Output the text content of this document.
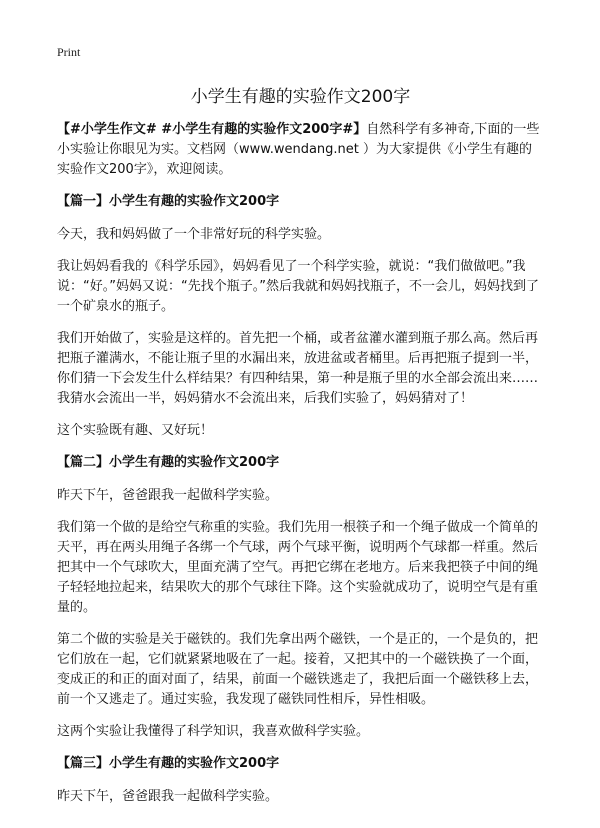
Print
小学生有趣的实验作文200字

【#小学生作文# #小学生有趣的实验作文200字#】自然科学有多神奇,下面的一些小实验让你眼见为实。文档网（www.wendang.net ）为大家提供《小学生有趣的实验作文200字》，欢迎阅读。

【篇一】小学生有趣的实验作文200字

今天，我和妈妈做了一个非常好玩的科学实验。

我让妈妈看我的《科学乐园》，妈妈看见了一个科学实验，就说：“我们做做吧。”我说：“好。”妈妈又说：“先找个瓶子。”然后我就和妈妈找瓶子，不一会儿，妈妈找到了一个矿泉水的瓶子。

我们开始做了，实验是这样的。首先把一个桶，或者盆灌水灌到瓶子那么高。然后再把瓶子灌满水，不能让瓶子里的水漏出来，放进盆或者桶里。后再把瓶子提到一半，你们猜一下会发生什么样结果？有四种结果，第一种是瓶子里的水全部会流出来……我猜水会流出一半，妈妈猜水不会流出来，后我们实验了，妈妈猜对了！

这个实验既有趣、又好玩！

【篇二】小学生有趣的实验作文200字

昨天下午，爸爸跟我一起做科学实验。

我们第一个做的是给空气称重的实验。我们先用一根筷子和一个绳子做成一个简单的天平，再在两头用绳子各绑一个气球，两个气球平衡，说明两个气球都一样重。然后把其中一个气球吹大，里面充满了空气。再把它绑在老地方。后来我把筷子中间的绳子轻轻地拉起来，结果吹大的那个气球往下降。这个实验就成功了，说明空气是有重量的。

第二个做的实验是关于磁铁的。我们先拿出两个磁铁，一个是正的，一个是负的，把它们放在一起，它们就紧紧地吸在了一起。接着，又把其中的一个磁铁换了一个面，变成正的和正的面对面了，结果，前面一个磁铁逃走了，我把后面一个磁铁移上去，前一个又逃走了。通过实验，我发现了磁铁同性相斥，异性相吸。

这两个实验让我懂得了科学知识，我喜欢做科学实验。

【篇三】小学生有趣的实验作文200字

昨天下午，爸爸跟我一起做科学实验。
